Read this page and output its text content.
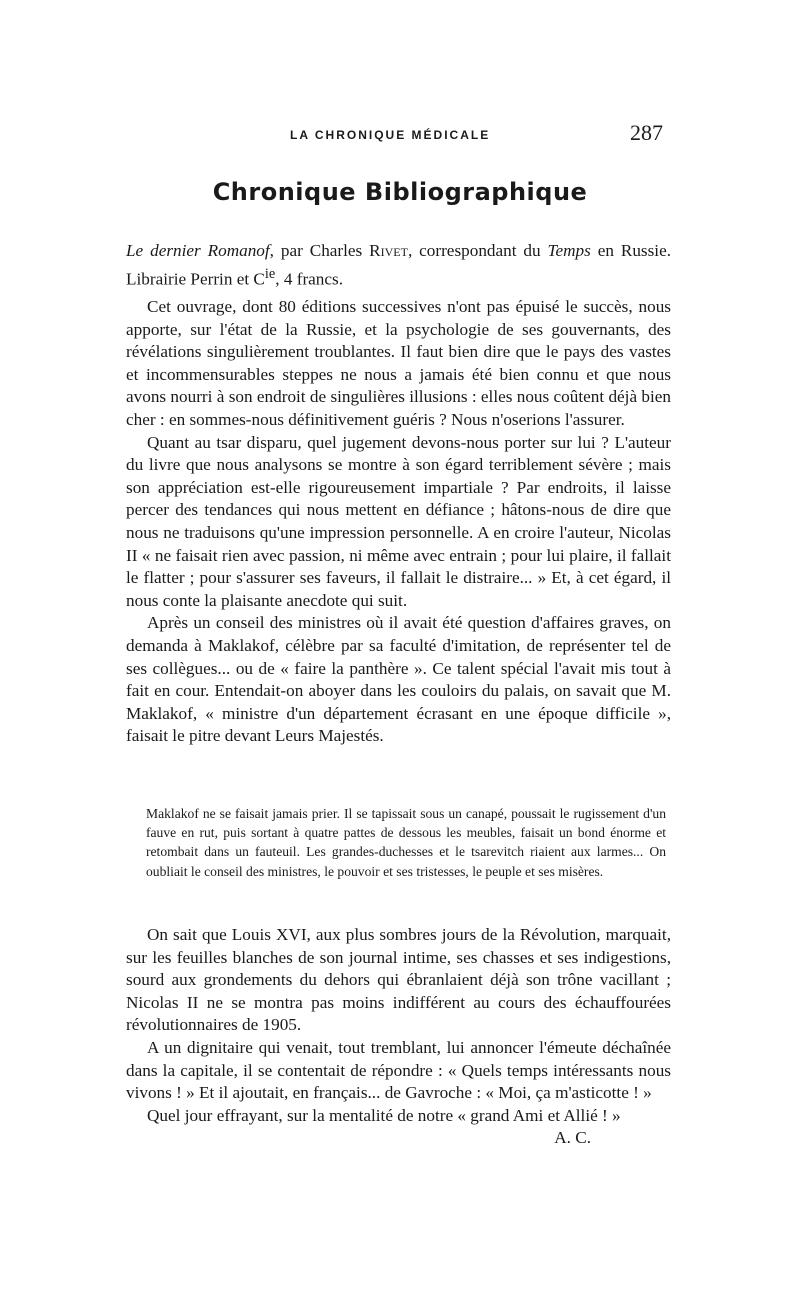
LA CHRONIQUE MÉDICALE	287
Chronique Bibliographique

Le dernier Romanof, par Charles Rivet, correspondant du Temps en Russie. Librairie Perrin et $C^{ie}$, 4 francs.

Cet ouvrage, dont 80 éditions successives n'ont pas épuisé le succès, nous apporte, sur l'état de la Russie, et la psychologie de ses gouvernants, des révélations singulièrement troublantes. Il faut bien dire que le pays des vastes et incommensurables steppes ne nous a jamais été bien connu et que nous avons nourri à son endroit de singulières illusions : elles nous coûtent déjà bien cher : en sommes-nous définitivement guéris ? Nous n'oserions l'assurer.

Quant au tsar disparu, quel jugement devons-nous porter sur lui ? L'auteur du livre que nous analysons se montre à son égard terriblement sévère ; mais son appréciation est-elle rigoureusement impartiale ? Par endroits, il laisse percer des tendances qui nous mettent en défiance ; hâtons-nous de dire que nous ne traduisons qu'une impression personnelle. A en croire l'auteur, Nicolas II « ne faisait rien avec passion, ni même avec entrain ; pour lui plaire, il fallait le flatter ; pour s'assurer ses faveurs, il fallait le distraire... » Et, à cet égard, il nous conte la plaisante anecdote qui suit.

Après un conseil des ministres où il avait été question d'affaires graves, on demanda à Maklakof, célèbre par sa faculté d'imitation, de représenter tel de ses collègues... ou de « faire la panthère ». Ce talent spécial l'avait mis tout à fait en cour. Entendait-on aboyer dans les couloirs du palais, on savait que M. Maklakof, « ministre d'un département écrasant en une époque difficile », faisait le pitre devant Leurs Majestés.

Maklakof ne se faisait jamais prier. Il se tapissait sous un canapé, poussait le rugissement d'un fauve en rut, puis sortant à quatre pattes de dessous les meubles, faisait un bond énorme et retombait dans un fauteuil. Les grandes-duchesses et le tsarevitch riaient aux larmes... On oubliait le conseil des ministres, le pouvoir et ses tristesses, le peuple et ses misères.

On sait que Louis XVI, aux plus sombres jours de la Révolution, marquait, sur les feuilles blanches de son journal intime, ses chasses et ses indigestions, sourd aux grondements du dehors qui ébranlaient déjà son trône vacillant ; Nicolas II ne se montra pas moins indifférent au cours des échauffourées révolutionnaires de 1905.

A un dignitaire qui venait, tout tremblant, lui annoncer l'émeute déchaînée dans la capitale, il se contentait de répondre : « Quels temps intéressants nous vivons ! » Et il ajoutait, en français... de Gavroche : « Moi, ça m'asticotte ! »

Quel jour effrayant, sur la mentalité de notre « grand Ami et Allié ! »
A. C.
